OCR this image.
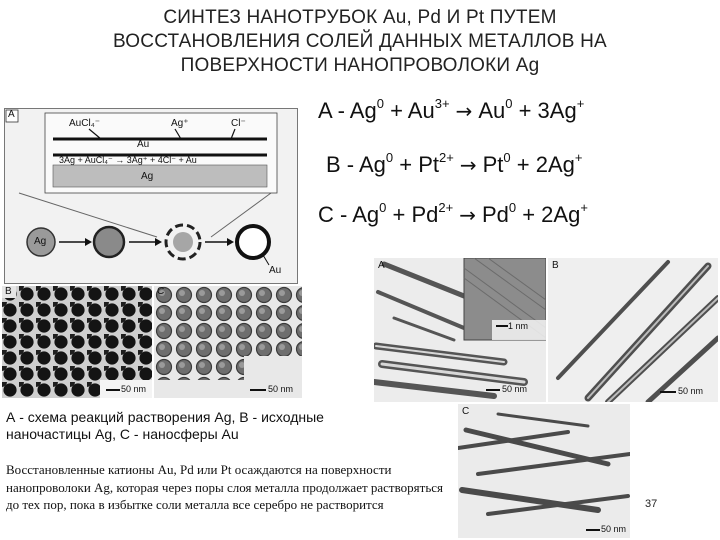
СИНТЕЗ НАНОТРУБОК Au, Pd И Pt ПУТЕМ
ВОССТАНОВЛЕНИЯ СОЛЕЙ ДАННЫХ МЕТАЛЛОВ НА
ПОВЕРХНОСТИ НАНОПРОВОЛОКИ Ag
$A - Ag^0 + Au^{3+} \to Au^0 + 3Ag^+$
$B - Ag^0 + Pt^{2+} \to Pt^0 + 2Ag^+$
$C - Ag^0 + Pd^{2+} \to Pd^0 + 2Ag^+$
A
AuCl₄⁻	Ag⁺	Cl⁻
Au
3Ag + AuCl₄⁻ → 3Ag⁺ + 4Cl⁻ + Au
Ag
Ag
Au
B
50 nm
C
50 nm
A
1 nm
50 nm
B
50 nm
C
50 nm
А - схема реакций растворения Ag, B - исходные наночастицы Ag, C - наносферы Au
Восстановленные катионы Au, Pd или Pt осаждаются на поверхности нанопроволоки Ag, которая через поры слоя металла продолжает растворяться до тех пор, пока в избытке соли металла все серебро не растворится	37
